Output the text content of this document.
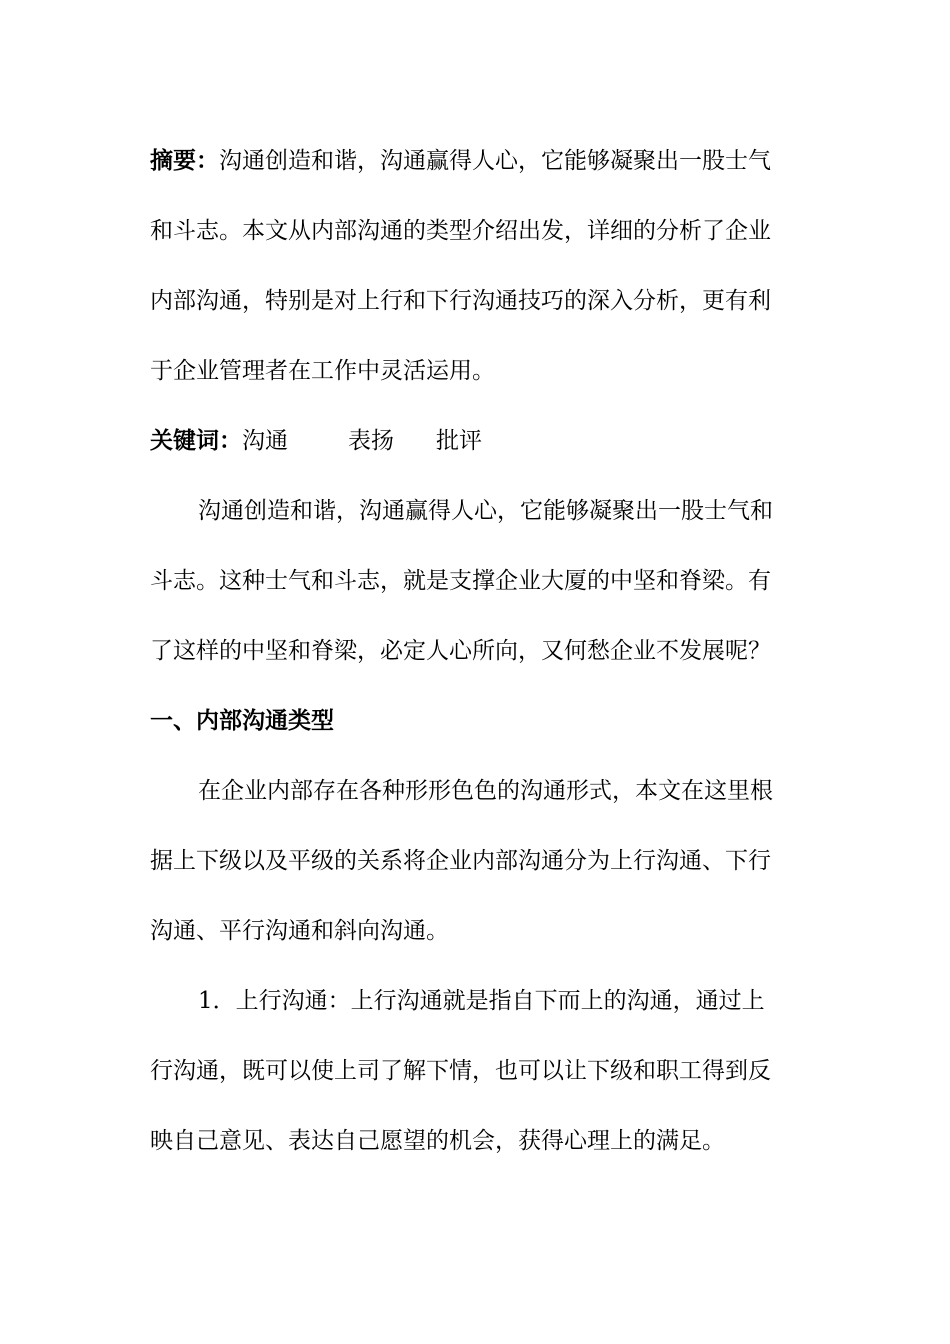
摘要：沟通创造和谐，沟通赢得人心，它能够凝聚出一股士气
和斗志。本文从内部沟通的类型介绍出发，详细的分析了企业
内部沟通，特别是对上行和下行沟通技巧的深入分析，更有利
于企业管理者在工作中灵活运用。
关键词：沟通	表扬 批评
沟通创造和谐，沟通赢得人心，它能够凝聚出一股士气和
斗志。这种士气和斗志，就是支撑企业大厦的中坚和脊梁。有
了这样的中坚和脊梁，必定人心所向，又何愁企业不发展呢？
一、内部沟通类型
在企业内部存在各种形形色色的沟通形式，本文在这里根
据上下级以及平级的关系将企业内部沟通分为上行沟通、下行
沟通、平行沟通和斜向沟通。
1．上行沟通：上行沟通就是指自下而上的沟通，通过上
行沟通，既可以使上司了解下情，也可以让下级和职工得到反
映自己意见、表达自己愿望的机会，获得心理上的满足。
